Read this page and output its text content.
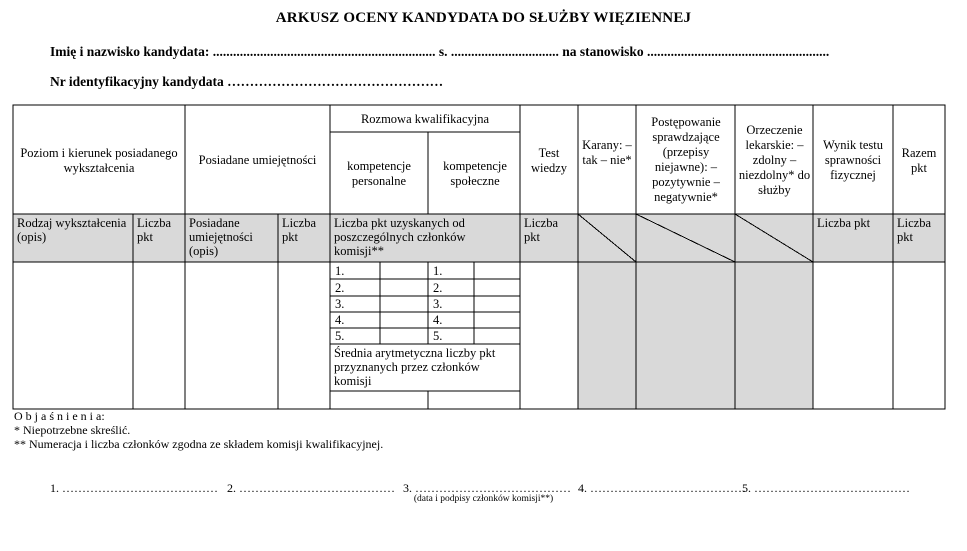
ARKUSZ OCENY KANDYDATA DO SŁUŻBY WIĘZIENNEJ
Imię i nazwisko kandydata: .................................................................. s. ................................ na stanowisko ......................................................
Nr identyfikacyjny kandydata …………………………………………
Poziom i kierunek posiadanego wykształcenia
Posiadane umiejętności
Rozmowa kwalifikacyjna
kompetencje personalne
kompetencje społeczne
Test wiedzy
Karany: – tak – nie*
Postępowanie sprawdzające (przepisy niejawne): – pozytywnie – negatywnie*
Orzeczenie lekarskie: – zdolny – niezdolny* do służby
Wynik testu sprawności fizycznej
Razem pkt
Rodzaj wykształcenia (opis)
Liczba pkt
Posiadane umiejętności (opis)
Liczba pkt
Liczba pkt uzyskanych od poszczególnych członków komisji**
Liczba pkt
Liczba pkt	Liczba pkt
1.
2.
3.
4.
5.
1.
2.
3.
4.
5.
Średnia arytmetyczna liczby pkt przyznanych przez członków komisji
O b j a ś n i e n i a:
* Niepotrzebne skreślić.
** Numeracja i liczba członków zgodna ze składem komisji kwalifikacyjnej.
1. ………………………………… 2. ………………………………… 3. ………………………………… 4. …………………………………
5. …………………………………
(data i podpisy członków komisji**)
